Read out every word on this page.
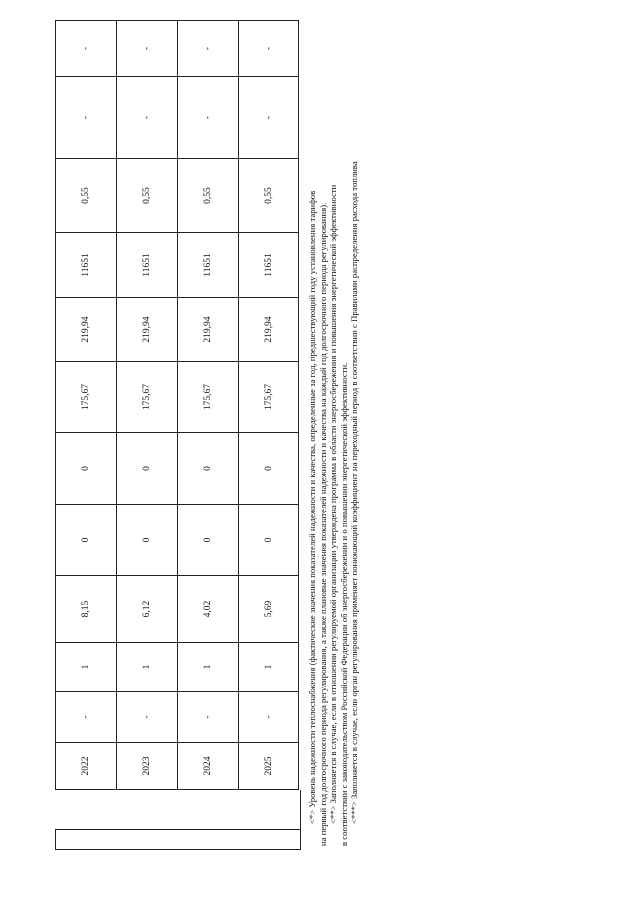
2022
-
1
8,15
0
0
175,67
219,94
11651
0,55
-
-
2023
-
1
6,12
0
0
175,67
219,94
11651
0,55
-
-
2024
-
1
4,02
0
0
175,67
219,94
11651
0,55
-
-
2025
-
1
5,69
0
0
175,67
219,94
11651
0,55
-
-
<*> Уровень надежности теплоснабжения (фактические значения показателей надежности и качества, определенные за год, предшествующий году установления тарифов на первый год долгосрочного периода регулирования, а также плановые значения показателей надежности и качества на каждый год долгосрочного периода регулирования). <**> Заполняется в случае, если в отношении регулируемой организации утверждена программа в области энергосбережения и повышения энергетической эффективности в соответствии с законодательством Российской Федерации об энергосбережении и о повышении энергетической эффективности. <***> Заполняется в случае, если орган регулирования применяет понижающий коэффициент на переходный период в соответствии с Правилами распределения расхода топлива
